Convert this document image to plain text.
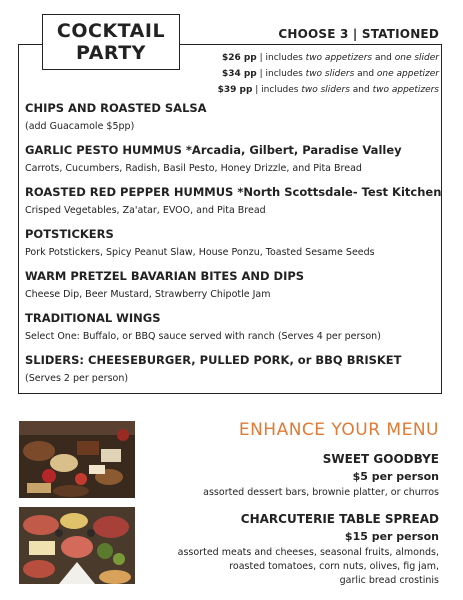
COCKTAIL
PARTY
CHOOSE 3 | STATIONED
$26 pp | includes two appetizers and one slider
$34 pp | includes two sliders and one appetizer
$39 pp | includes two sliders and two appetizers
CHIPS AND ROASTED SALSA
(add Guacamole $5pp)
GARLIC PESTO HUMMUS *Arcadia, Gilbert, Paradise Valley
Carrots, Cucumbers, Radish, Basil Pesto, Honey Drizzle, and Pita Bread
ROASTED RED PEPPER HUMMUS *North Scottsdale- Test Kitchen
Crisped Vegetables, Za'atar, EVOO, and Pita Bread
POTSTICKERS
Pork Potstickers, Spicy Peanut Slaw, House Ponzu, Toasted Sesame Seeds
WARM PRETZEL BAVARIAN BITES AND DIPS
Cheese Dip, Beer Mustard, Strawberry Chipotle Jam
TRADITIONAL WINGS
Select One: Buffalo, or BBQ sauce served with ranch (Serves 4 per person)
SLIDERS: CHEESEBURGER, PULLED PORK, or BBQ BRISKET
(Serves 2 per person)
ENHANCE YOUR MENU
SWEET GOODBYE
$5 per person
assorted dessert bars, brownie platter, or churros
CHARCUTERIE TABLE SPREAD
$15 per person
assorted meats and cheeses, seasonal fruits, almonds,
roasted tomatoes, corn nuts, olives, fig jam,
garlic bread crostinis
